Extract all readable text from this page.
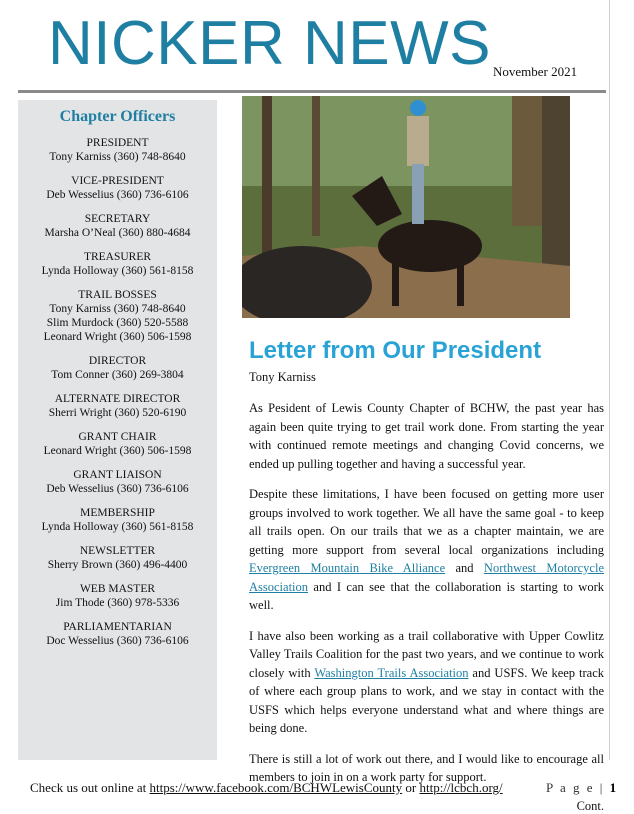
NICKER NEWS November 2021
Chapter Officers
PRESIDENT
Tony Karniss (360) 748-8640
VICE-PRESIDENT
Deb Wesselius (360) 736-6106
SECRETARY
Marsha O’Neal (360) 880-4684
TREASURER
Lynda Holloway (360) 561-8158
TRAIL BOSSES
Tony Karniss (360) 748-8640
Slim Murdock (360) 520-5588
Leonard Wright (360) 506-1598
DIRECTOR
Tom Conner (360) 269-3804
ALTERNATE DIRECTOR
Sherri Wright (360) 520-6190
GRANT CHAIR
Leonard Wright (360) 506-1598
GRANT LIAISON
Deb Wesselius (360) 736-6106
MEMBERSHIP
Lynda Holloway (360) 561-8158
NEWSLETTER
Sherry Brown (360) 496-4400
WEB MASTER
Jim Thode (360) 978-5336
PARLIAMENTARIAN
Doc Wesselius (360) 736-6106
Letter from Our President
Tony Karniss

As Pesident of Lewis County Chapter of BCHW, the past year has again been quite trying to get trail work done. From starting the year with continued remote meetings and changing Covid concerns, we ended up pulling together and having a successful year.

Despite these limitations, I have been focused on getting more user groups involved to work together. We all have the same goal - to keep all trails open. On our trails that we as a chapter maintain, we are getting more support from several local organizations including Evergreen Mountain Bike Alliance and Northwest Motorcycle Association and I can see that the collaboration is starting to work well.

I have also been working as a trail collaborative with Upper Cowlitz Valley Trails Coalition for the past two years, and we continue to work closely with Washington Trails Association and USFS. We keep track of where each group plans to work, and we stay in contact with the USFS which helps everyone understand what and where things are being done.

There is still a lot of work out there, and I would like to encourage all members to join in on a work party for support.

Cont.
Check us out online at https://www.facebook.com/BCHWLewisCounty or http://lcbch.org/	P a g e | 1
